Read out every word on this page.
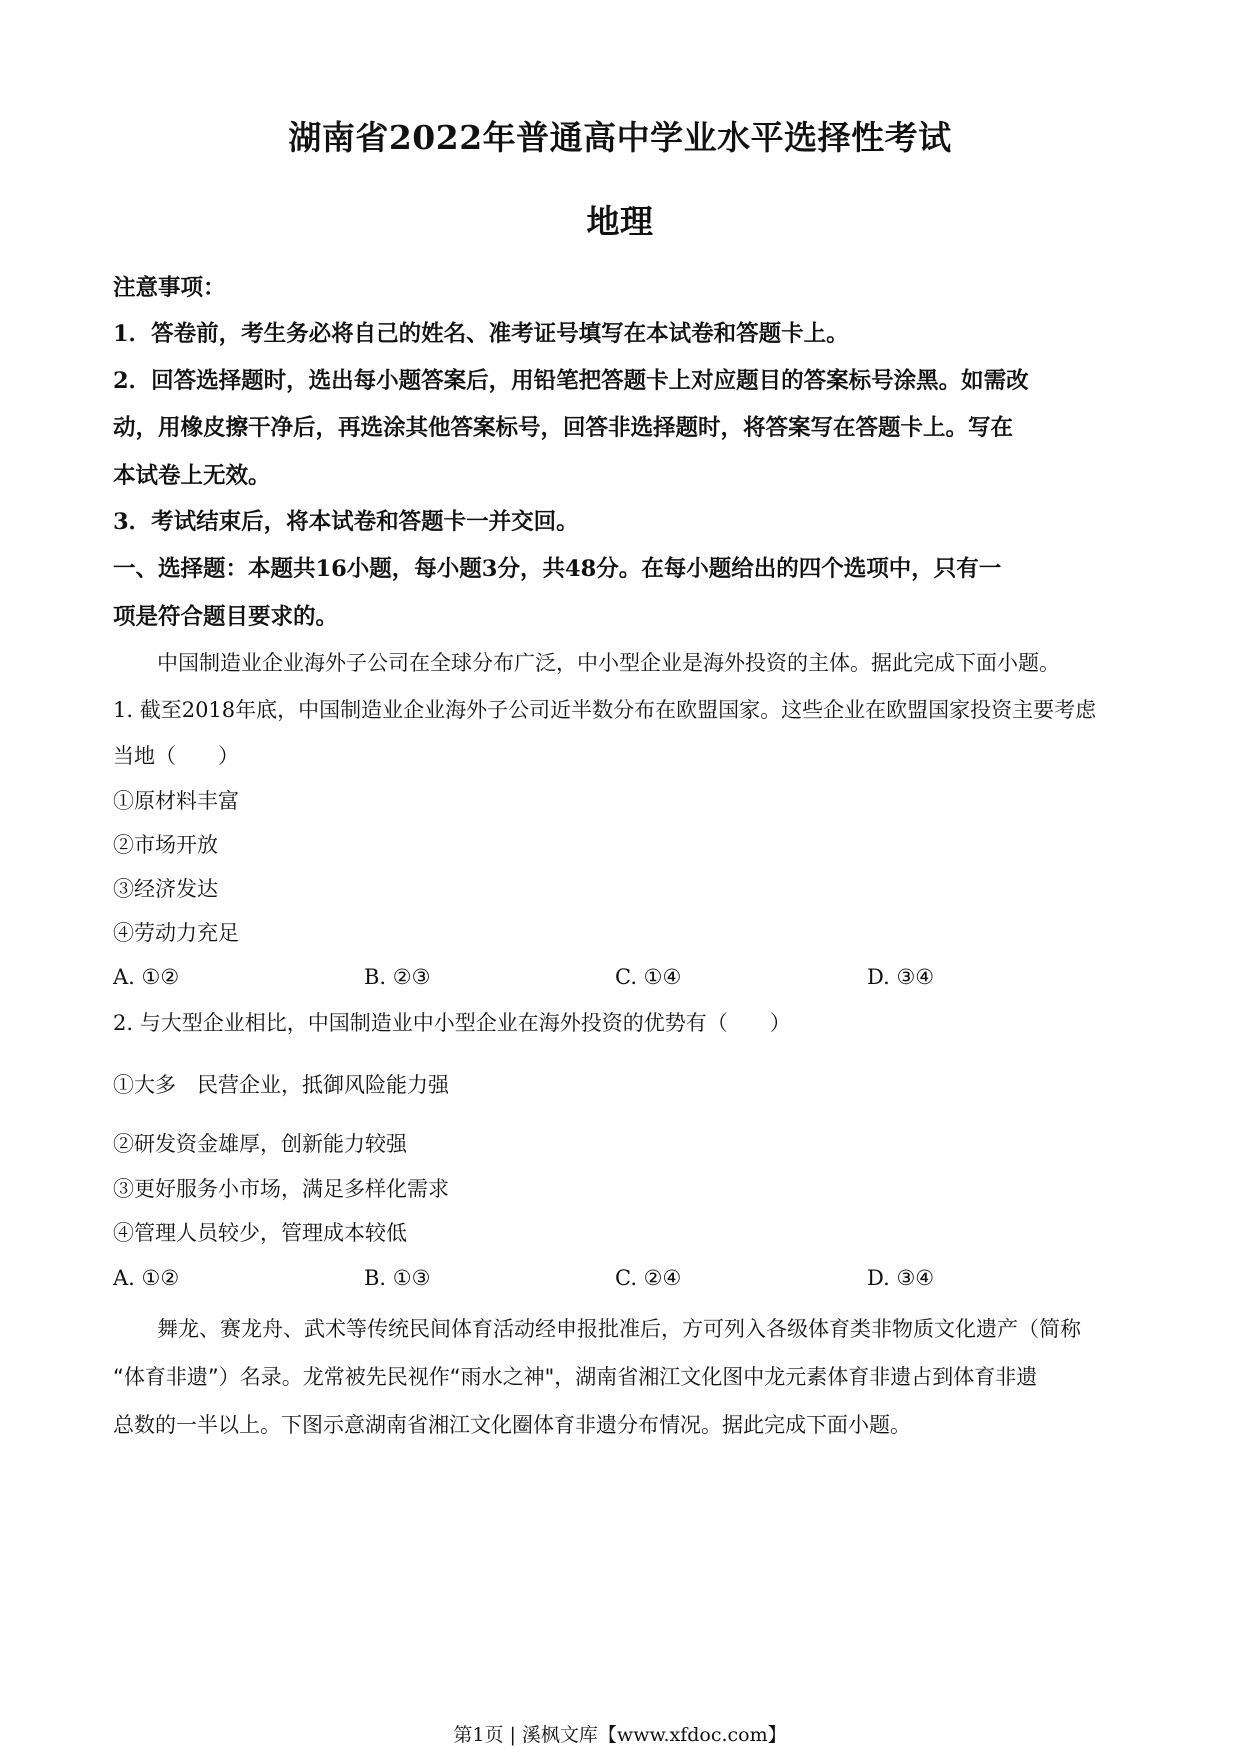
湖南省2022年普通高中学业水平选择性考试
地理
注意事项：
1．答卷前，考生务必将自己的姓名、准考证号填写在本试卷和答题卡上。
2．回答选择题时，选出每小题答案后，用铅笔把答题卡上对应题目的答案标号涂黑。如需改
动，用橡皮擦干净后，再选涂其他答案标号，回答非选择题时，将答案写在答题卡上。写在
本试卷上无效。
3．考试结束后，将本试卷和答题卡一并交回。
一、选择题：本题共16小题，每小题3分，共48分。在每小题给出的四个选项中，只有一
项是符合题目要求的。
中国制造业企业海外子公司在全球分布广泛，中小型企业是海外投资的主体。据此完成下面小题。
1. 截至2018年底，中国制造业企业海外子公司近半数分布在欧盟国家。这些企业在欧盟国家投资主要考虑
当地（　　）
①原材料丰富
②市场开放
③经济发达
④劳动力充足
A. ①②	B. ②③	C. ①④	D. ③④
2. 与大型企业相比，中国制造业中小型企业在海外投资的优势有（　　）
①大多　民营企业，抵御风险能力强
②研发资金雄厚，创新能力较强
③更好服务小市场，满足多样化需求
④管理人员较少，管理成本较低
A. ①②	B. ①③	C. ②④	D. ③④
舞龙、赛龙舟、武术等传统民间体育活动经申报批准后，方可列入各级体育类非物质文化遗产（简称
“体育非遗”）名录。龙常被先民视作“雨水之神"，湖南省湘江文化图中龙元素体育非遗占到体育非遗
总数的一半以上。下图示意湖南省湘江文化圈体育非遗分布情况。据此完成下面小题。
第1页 | 溪枫文库【www.xfdoc.com】
